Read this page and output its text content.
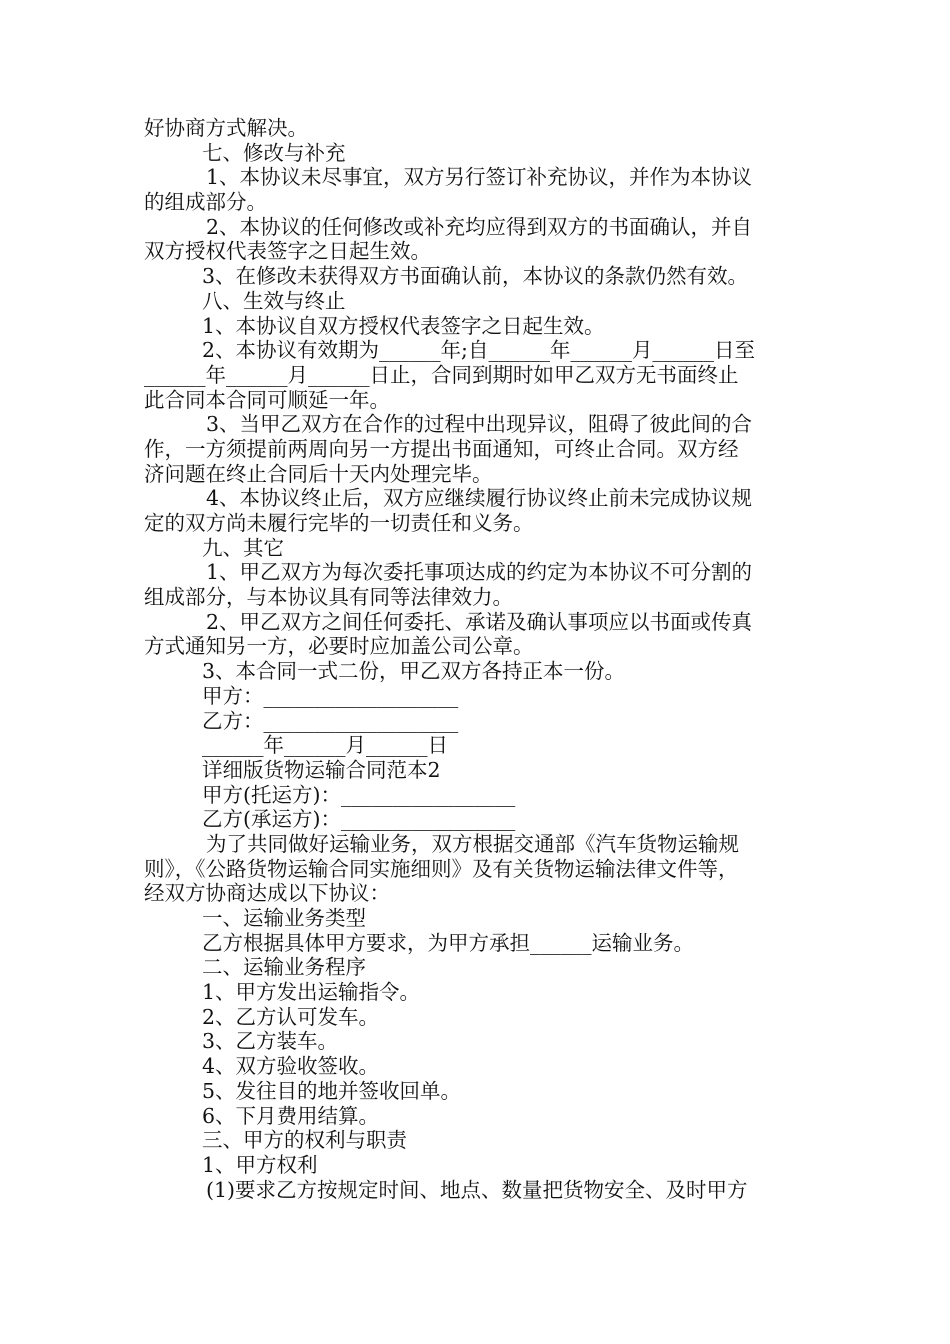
好协商方式解决。
七、修改与补充
1、本协议未尽事宜，双方另行签订补充协议，并作为本协议
的组成部分。
2、本协议的任何修改或补充均应得到双方的书面确认，并自
双方授权代表签字之日起生效。
3、在修改未获得双方书面确认前，本协议的条款仍然有效。
八、生效与终止
1、本协议自双方授权代表签字之日起生效。
2、本协议有效期为______年;自______年______月______日至
______年______月______日止，合同到期时如甲乙双方无书面终止
此合同本合同可顺延一年。
3、当甲乙双方在合作的过程中出现异议，阻碍了彼此间的合
作，一方须提前两周向另一方提出书面通知，可终止合同。双方经
济问题在终止合同后十天内处理完毕。
4、本协议终止后，双方应继续履行协议终止前未完成协议规
定的双方尚未履行完毕的一切责任和义务。
九、其它
1、甲乙双方为每次委托事项达成的约定为本协议不可分割的
组成部分，与本协议具有同等法律效力。
2、甲乙双方之间任何委托、承诺及确认事项应以书面或传真
方式通知另一方，必要时应加盖公司公章。
3、本合同一式二份，甲乙双方各持正本一份。
甲方：___________________
乙方：___________________
______年______月______日
详细版货物运输合同范本2
甲方(托运方)：_________________
乙方(承运方)：_________________
为了共同做好运输业务，双方根据交通部《汽车货物运输规
则》，《公路货物运输合同实施细则》及有关货物运输法律文件等，
经双方协商达成以下协议：
一、运输业务类型
乙方根据具体甲方要求，为甲方承担______运输业务。
二、运输业务程序
1、甲方发出运输指令。
2、乙方认可发车。
3、乙方装车。
4、双方验收签收。
5、发往目的地并签收回单。
6、下月费用结算。
三、甲方的权利与职责
1、甲方权利
(1)要求乙方按规定时间、地点、数量把货物安全、及时甲方
